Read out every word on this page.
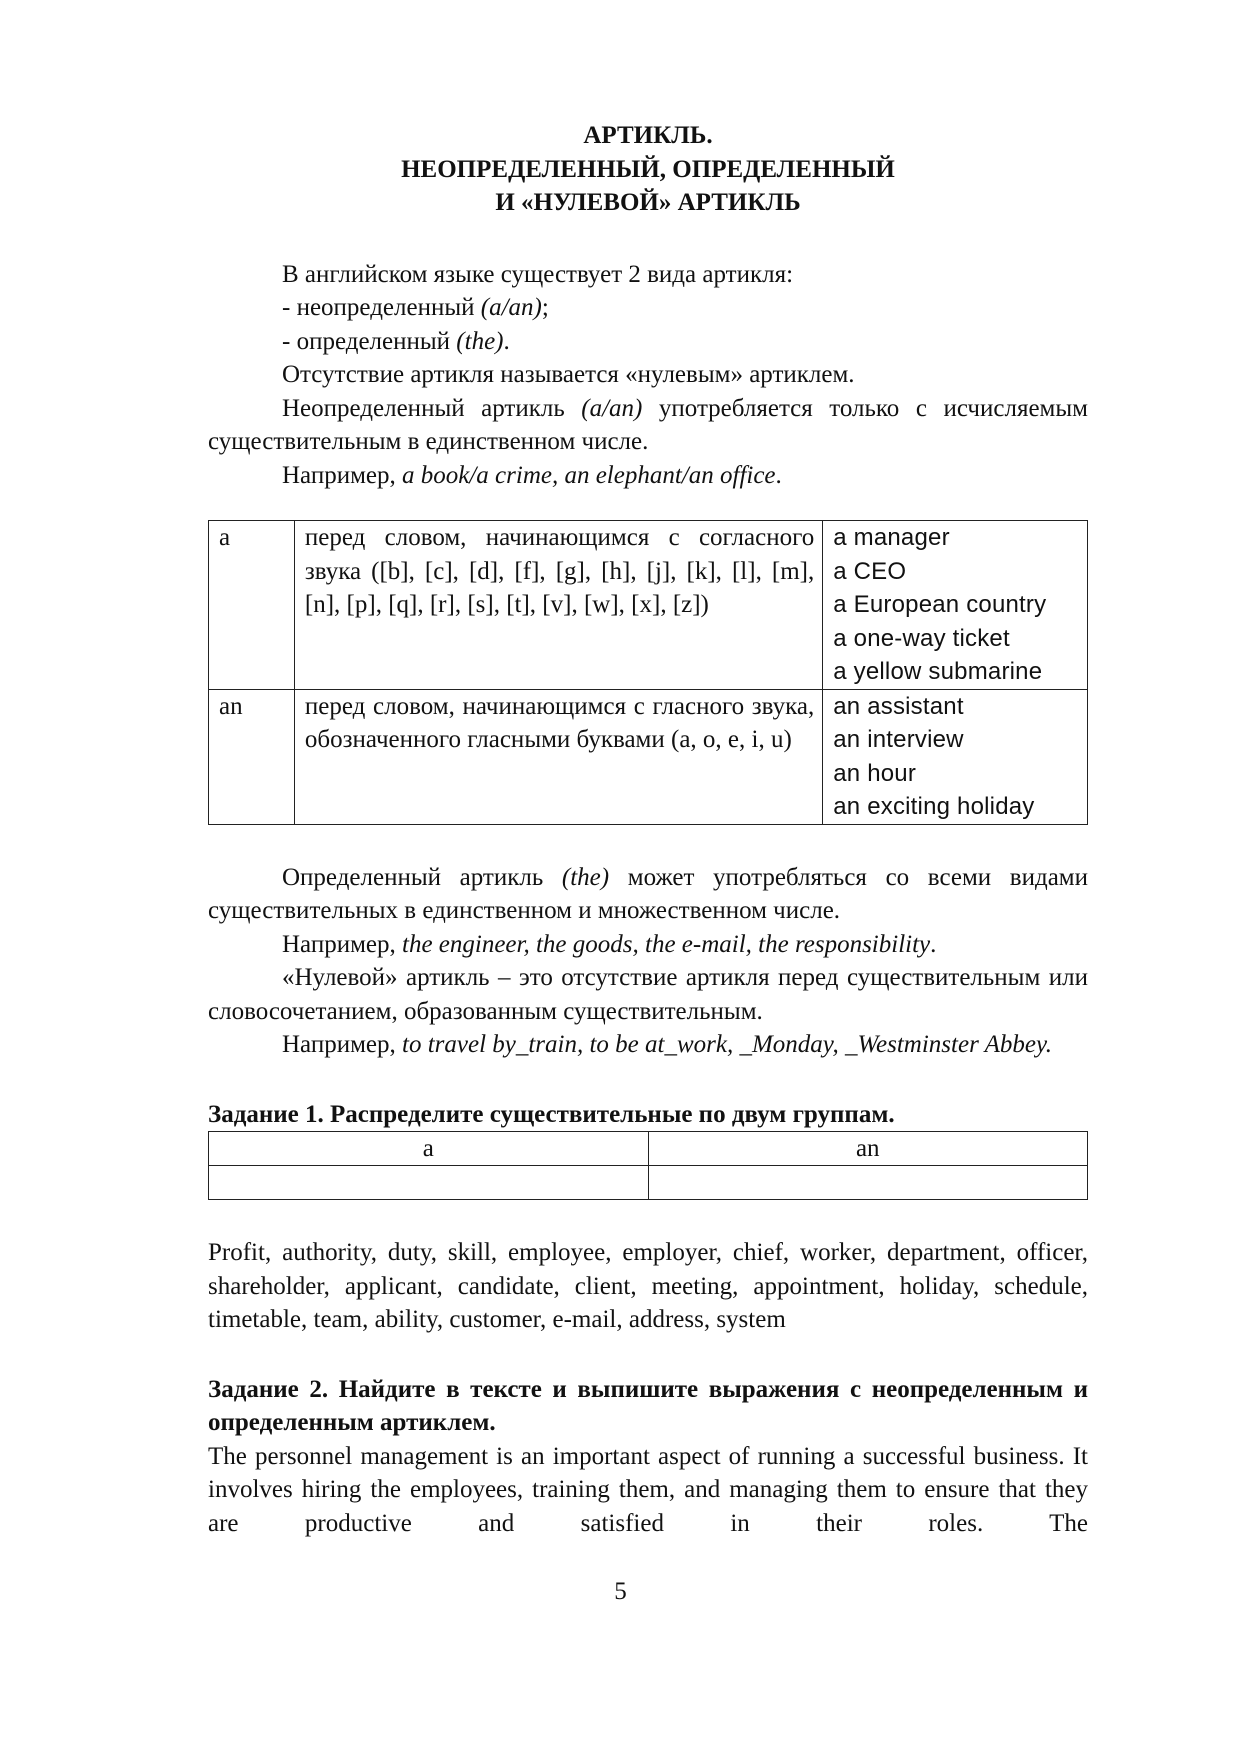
АРТИКЛЬ.
НЕОПРЕДЕЛЕННЫЙ, ОПРЕДЕЛЕННЫЙ
И «НУЛЕВОЙ» АРТИКЛЬ

В английском языке существует 2 вида артикля:

- неопределенный (a/an);

- определенный (the).

Отсутствие артикля называется «нулевым» артиклем.

Неопределенный артикль (a/an) употребляется только с исчисляемым существительным в единственном числе.

Например, a book/a crime, an elephant/an office.

a	перед словом, начинающимся с согласного звука ([b], [c], [d], [f], [g], [h], [j], [k], [l], [m], [n], [p], [q], [r], [s], [t], [v], [w], [x], [z])	a manager
a CEO
a European country
a one-way ticket
a yellow submarine

an	перед словом, начинающимся с гласного звука, обозначенного гласными буквами (a, o, e, i, u)	an assistant
an interview
an hour
an exciting holiday

Определенный артикль (the) может употребляться со всеми видами существительных в единственном и множественном числе.

Например, the engineer, the goods, the e-mail, the responsibility.

«Нулевой» артикль – это отсутствие артикля перед существительным или словосочетанием, образованным существительным.

Например, to travel by_train, to be at_work, _Monday, _Westminster Abbey.

Задание 1. Распределите существительные по двум группам.

a	an

Profit, authority, duty, skill, employee, employer, chief, worker, department, officer, shareholder, applicant, candidate, client, meeting, appointment, holiday, schedule, timetable, team, ability, customer, e-mail, address, system

Задание 2. Найдите в тексте и выпишите выражения с неопределенным и определенным артиклем.

The personnel management is an important aspect of running a successful business. It involves hiring the employees, training them, and managing them to ensure that they are productive and satisfied in their roles. The

5
